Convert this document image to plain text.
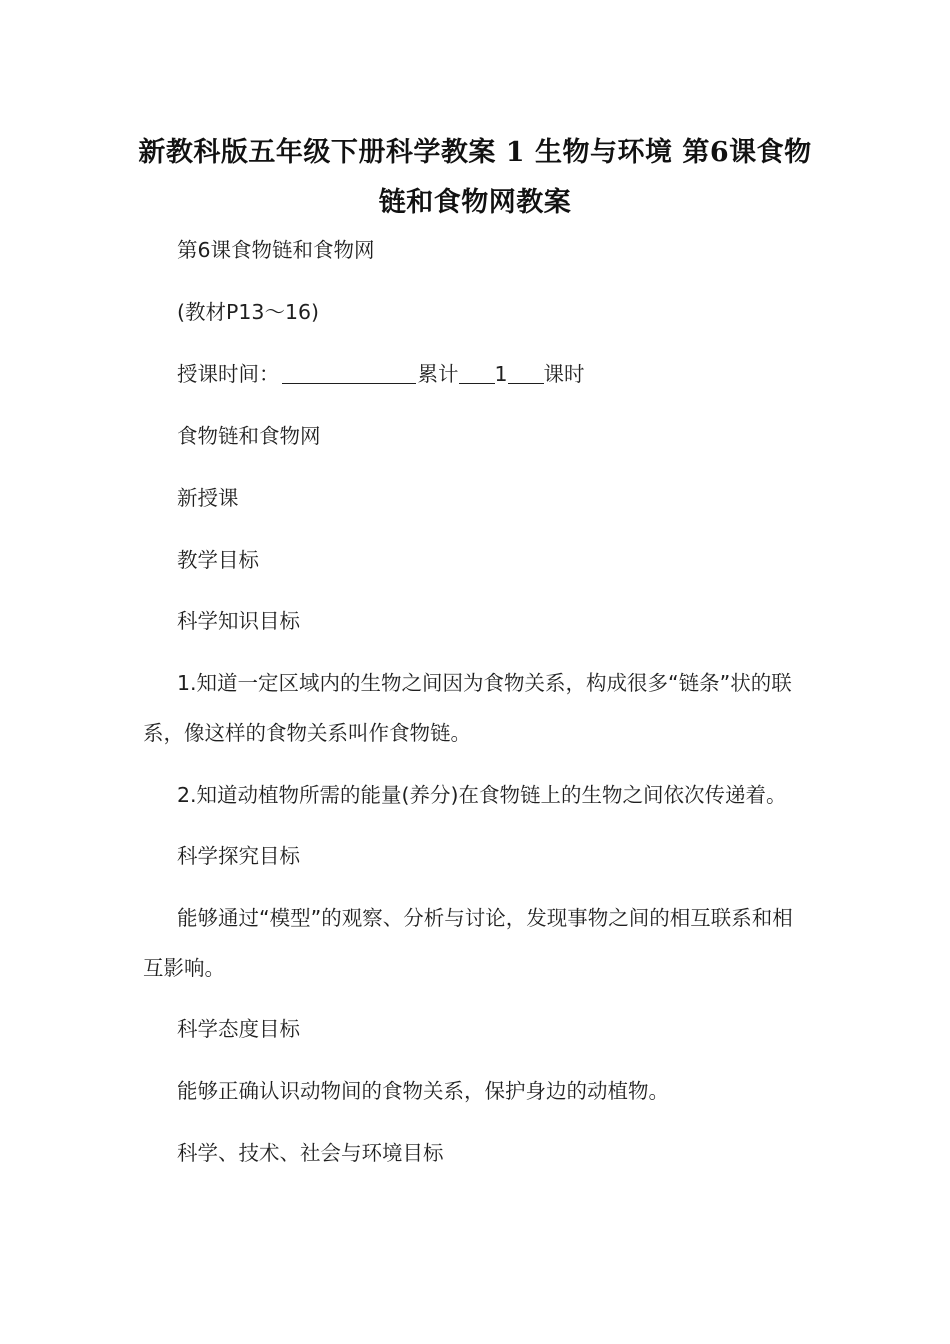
新教科版五年级下册科学教案 1 生物与环境 第6课食物链和食物网教案
第6课食物链和食物网
(教材P13～16)
授课时间：	累计 1 课时
食物链和食物网
新授课
教学目标
科学知识目标
1.知道一定区域内的生物之间因为食物关系，构成很多“链条”状的联系，像这样的食物关系叫作食物链。
2.知道动植物所需的能量(养分)在食物链上的生物之间依次传递着。
科学探究目标
能够通过“模型”的观察、分析与讨论，发现事物之间的相互联系和相互影响。
科学态度目标
能够正确认识动物间的食物关系，保护身边的动植物。
科学、技术、社会与环境目标
